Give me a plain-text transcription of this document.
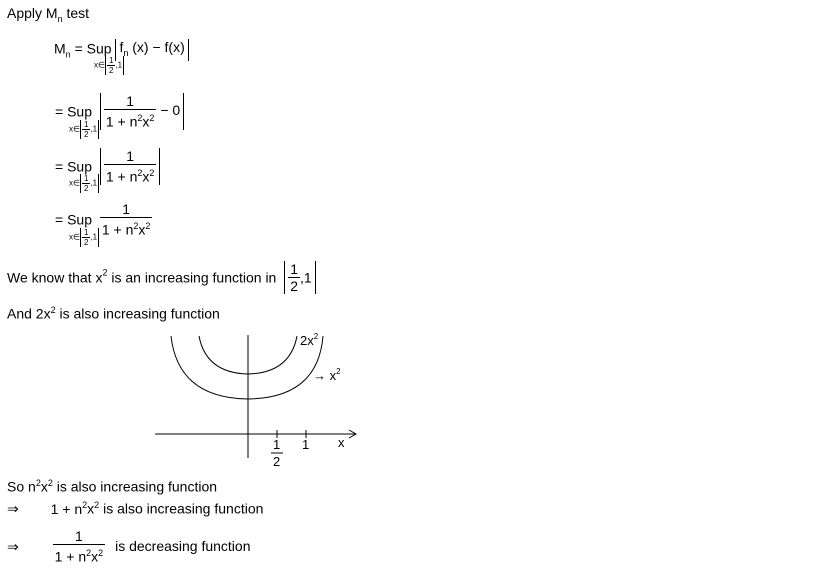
Apply $M_n$ test
$M_n$ = Sup $f_n$ (x) − f(x)
x∈ $\frac{1}{2} ,1$
= Sup $\frac{1}{1 + n^2x^2} - 0$
x∈ $\frac{1}{2} ,1$
= Sup $\frac{1}{1 + n^2x^2}$
x∈ $\frac{1}{2} ,1$
= Sup $\frac{1}{1 + n^2x^2}$
x∈ $\frac{1}{2} ,1$
We know that $x^2$ is an increasing function in $\frac{1}{2} ,1$
And $2x^2$ is also increasing function
$2x^2$
→ $x^2$
x
1
2
1
So $n^2x^2$ is also increasing function
⇒ $1 + n^2x^2$ is also increasing function
⇒ $\frac{1}{1 + n^2x^2}$ is decreasing function
